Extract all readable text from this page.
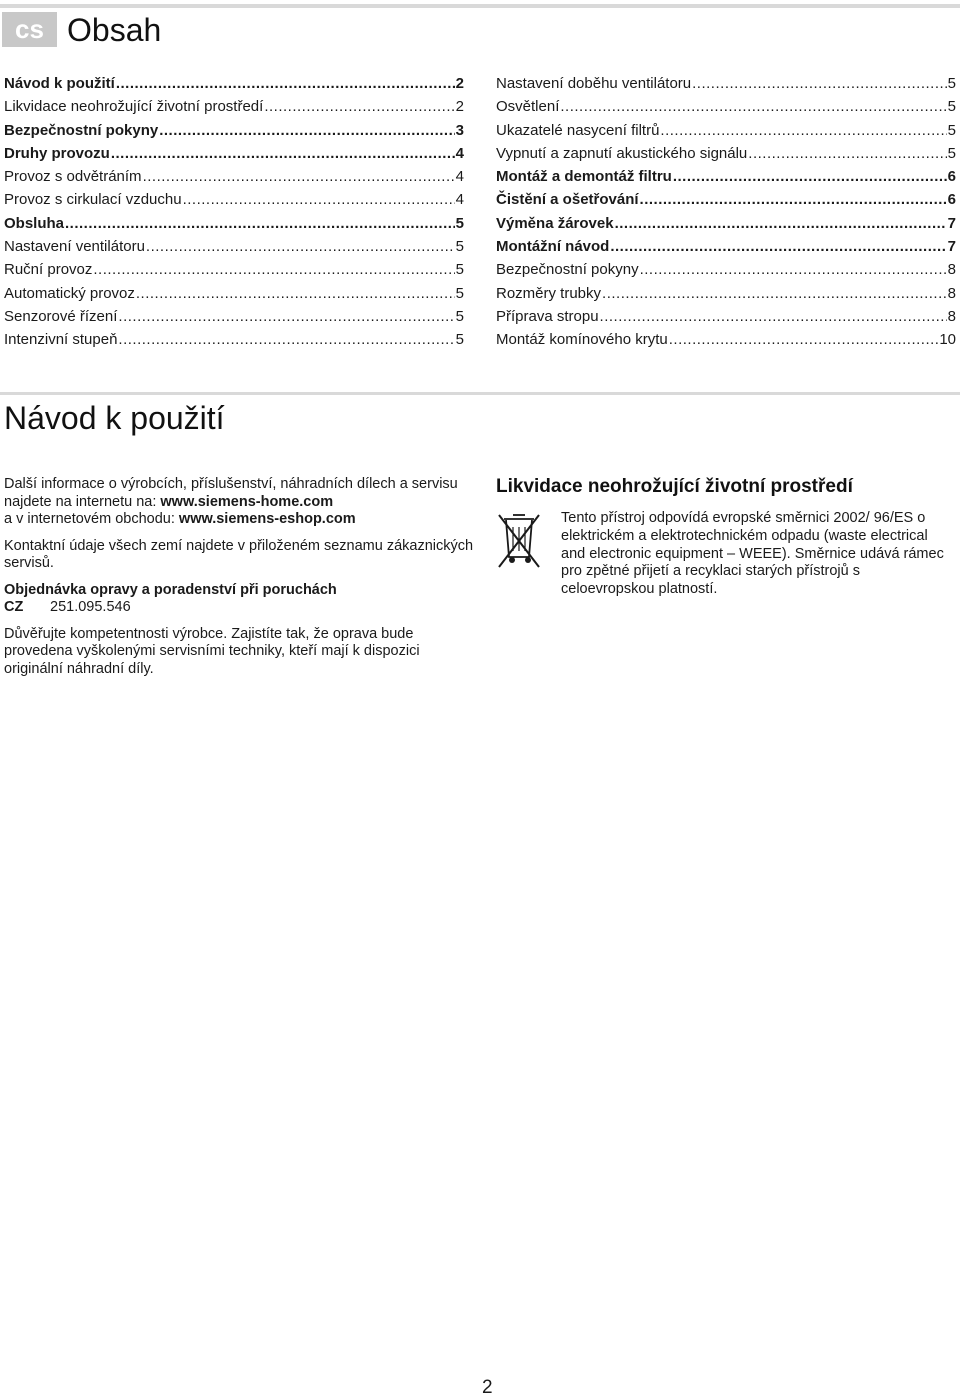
cs Obsah
Návod k použití .....	2
Likvidace neohrožující životní prostředí .....	2
Bezpečnostní pokyny .....	3
Druhy provozu .....	4
Provoz s odvětráním .....	4
Provoz s cirkulací vzduchu .....	4
Obsluha .....	5
Nastavení ventilátoru .....	5
Ruční provoz .....	5
Automatický provoz .....	5
Senzorové řízení .....	5
Intenzivní stupeň .....	5
Nastavení doběhu ventilátoru .....	5
Osvětlení .....	5
Ukazatelé nasycení filtrů .....	5
Vypnutí a zapnutí akustického signálu .....	5
Montáž a demontáž filtru .....	6
Čistění a ošetřování .....	6
Výměna žárovek .....	7
Montážní návod .....	7
Bezpečnostní pokyny .....	8
Rozměry trubky .....	8
Příprava stropu .....	8
Montáž komínového krytu .....	10
Návod k použití

Další informace o výrobcích, příslušenství, náhradních dílech a servisu najdete na internetu na: www.siemens-home.com
a v internetovém obchodu: www.siemens-eshop.com

Kontaktní údaje všech zemí najdete v přiloženém seznamu zákaznických servisů.

Objednávka opravy a poradenství při poruchách

CZ 251.095.546

Důvěřujte kompetentnosti výrobce. Zajistíte tak, že oprava bude provedena vyškolenými servisními techniky, kteří mají k dispozici originální náhradní díly.

Likvidace neohrožující životní prostředí

Tento přístroj odpovídá evropské směrnici 2002/ 96/ES o elektrickém a elektrotechnickém odpadu (waste electrical and electronic equipment – WEEE). Směrnice udává rámec pro zpětné přijetí a recyklaci starých přístrojů s celoevropskou platností.

2
